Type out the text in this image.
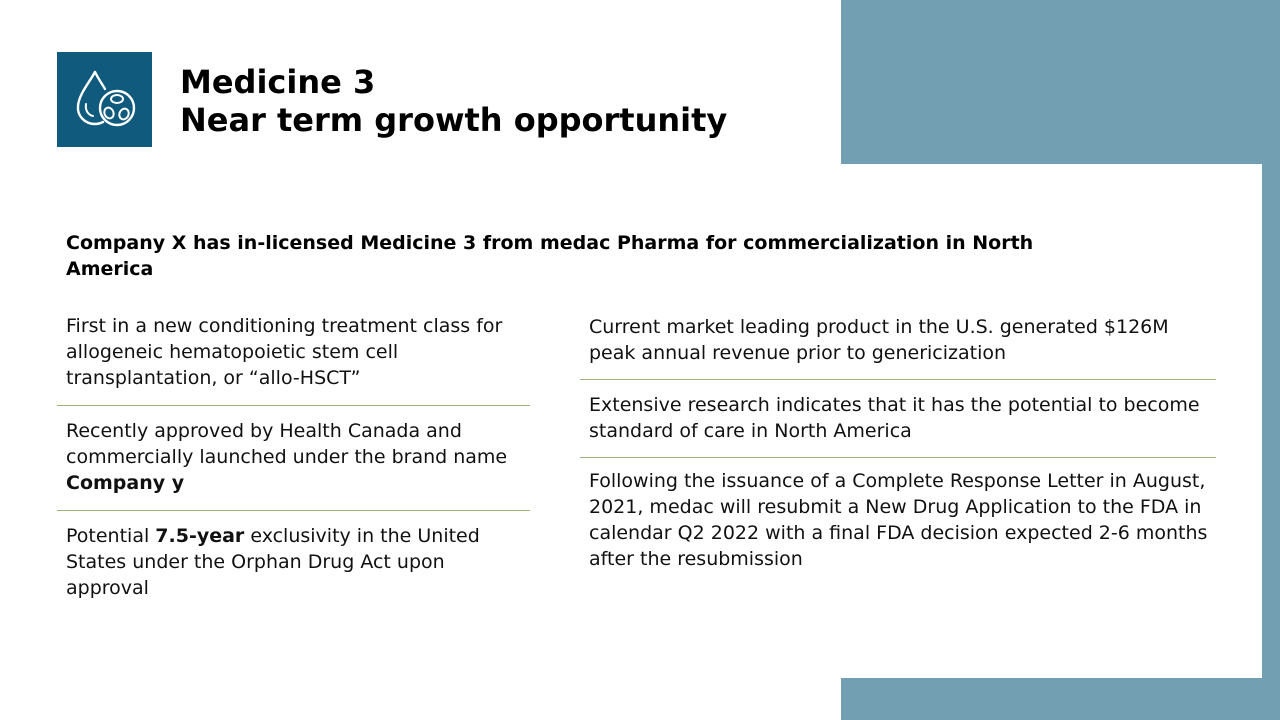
Medicine 3
Near term growth opportunity
Company X has in-licensed Medicine 3 from medac Pharma for commercialization in North America
First in a new conditioning treatment class for allogeneic hematopoietic stem cell transplantation, or “allo-HSCT”
Recently approved by Health Canada and commercially launched under the brand name Company y
Potential 7.5-year exclusivity in the United States under the Orphan Drug Act upon approval
Current market leading product in the U.S. generated $126M peak annual revenue prior to genericization
Extensive research indicates that it has the potential to become standard of care in North America
Following the issuance of a Complete Response Letter in August, 2021, medac will resubmit a New Drug Application to the FDA in calendar Q2 2022 with a final FDA decision expected 2-6 months after the resubmission
